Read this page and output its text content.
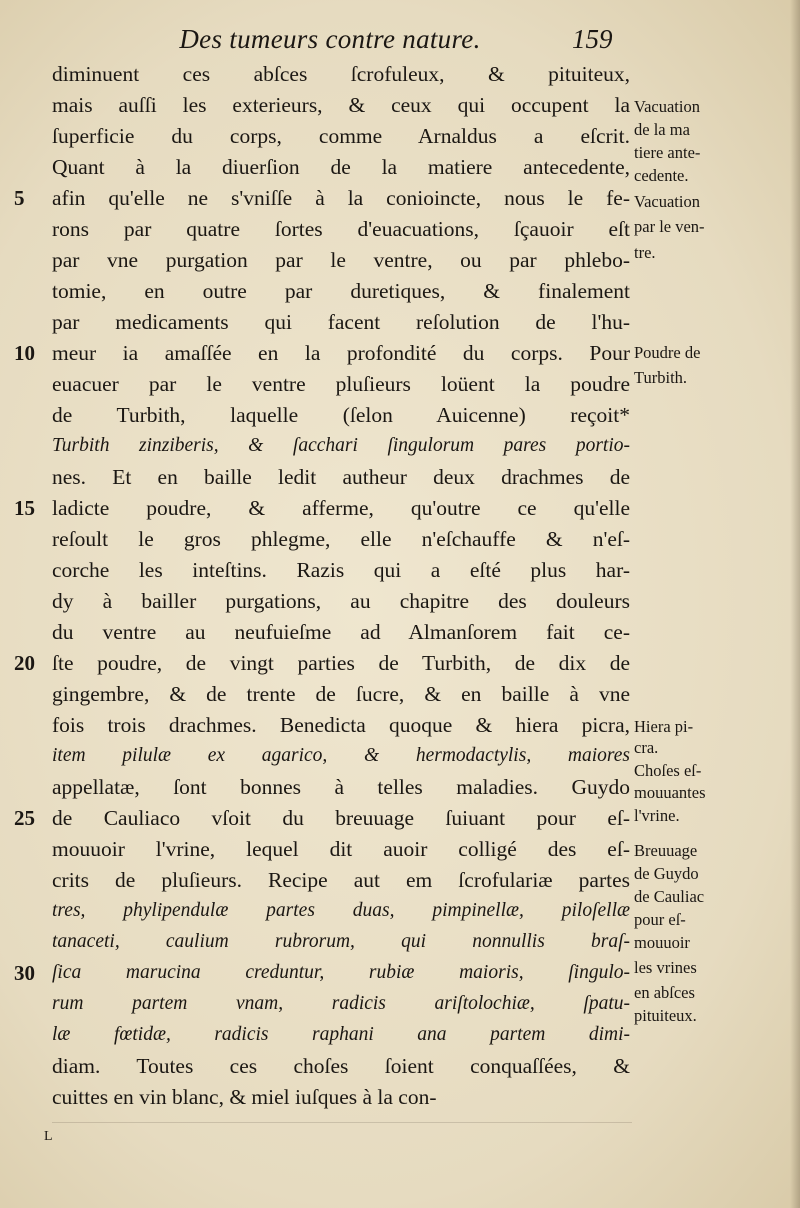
Des tumeurs contre nature.	159
diminuent ces abſces ſcrofuleux, & pituiteux,
mais auſſi les exterieurs, & ceux qui occupent la
ſuperficie du corps, comme Arnaldus a eſcrit.
Quant à la diuerſion de la matiere antecedente,
afin qu'elle ne s'vniſſe à la conioincte, nous le fe-
rons par quatre ſortes d'euacuations, ſçauoir eſt
par vne purgation par le ventre, ou par phlebo-
tomie, en outre par duretiques, & finalement
par medicaments qui facent reſolution de l'hu-
meur ia amaſſée en la profondité du corps. Pour
euacuer par le ventre pluſieurs loüent la poudre
de Turbith, laquelle (ſelon Auicenne) reçoit*
Turbith zinziberis, & ſacchari ſingulorum pares portio-
nes. Et en baille ledit autheur deux drachmes de
ladicte poudre, & afferme, qu'outre ce qu'elle
reſoult le gros phlegme, elle n'eſchauffe & n'eſ-
corche les inteſtins. Razis qui a eſté plus har-
dy à bailler purgations, au chapitre des douleurs
du ventre au neufuieſme ad Almanſorem fait ce-
ſte poudre, de vingt parties de Turbith, de dix de
gingembre, & de trente de ſucre, & en baille à vne
fois trois drachmes. Benedicta quoque & hiera picra,
item pilulæ ex agarico, & hermodactylis, maiores
appellatæ, ſont bonnes à telles maladies. Guydo
de Cauliaco vſoit du breuuage ſuiuant pour eſ-
mouuoir l'vrine, lequel dit auoir colligé des eſ-
crits de pluſieurs. Recipe aut em ſcrofulariæ partes
tres, phylipendulæ partes duas, pimpinellæ, piloſellæ
tanaceti, caulium rubrorum, qui nonnullis braſ-
ſica marucina creduntur, rubiæ maioris, ſingulo-
rum partem vnam, radicis ariſtolochiæ, ſpatu-
læ fœtidæ, radicis raphani ana partem dimi-
diam. Toutes ces choſes ſoient conquaſſées, &
cuittes en vin blanc, & miel iuſques à la con-
5
10
15
20
25
30
Vacuation
de la ma
tiere ante-
cedente.
Vacuation
par le ven-
tre.
Poudre de
Turbith.
Hiera pi-
cra.
Choſes eſ-
mouuantes
l'vrine.
Breuuage
de Guydo
de Cauliac
pour eſ-
mouuoir
les vrines
en abſces
pituiteux.
L
